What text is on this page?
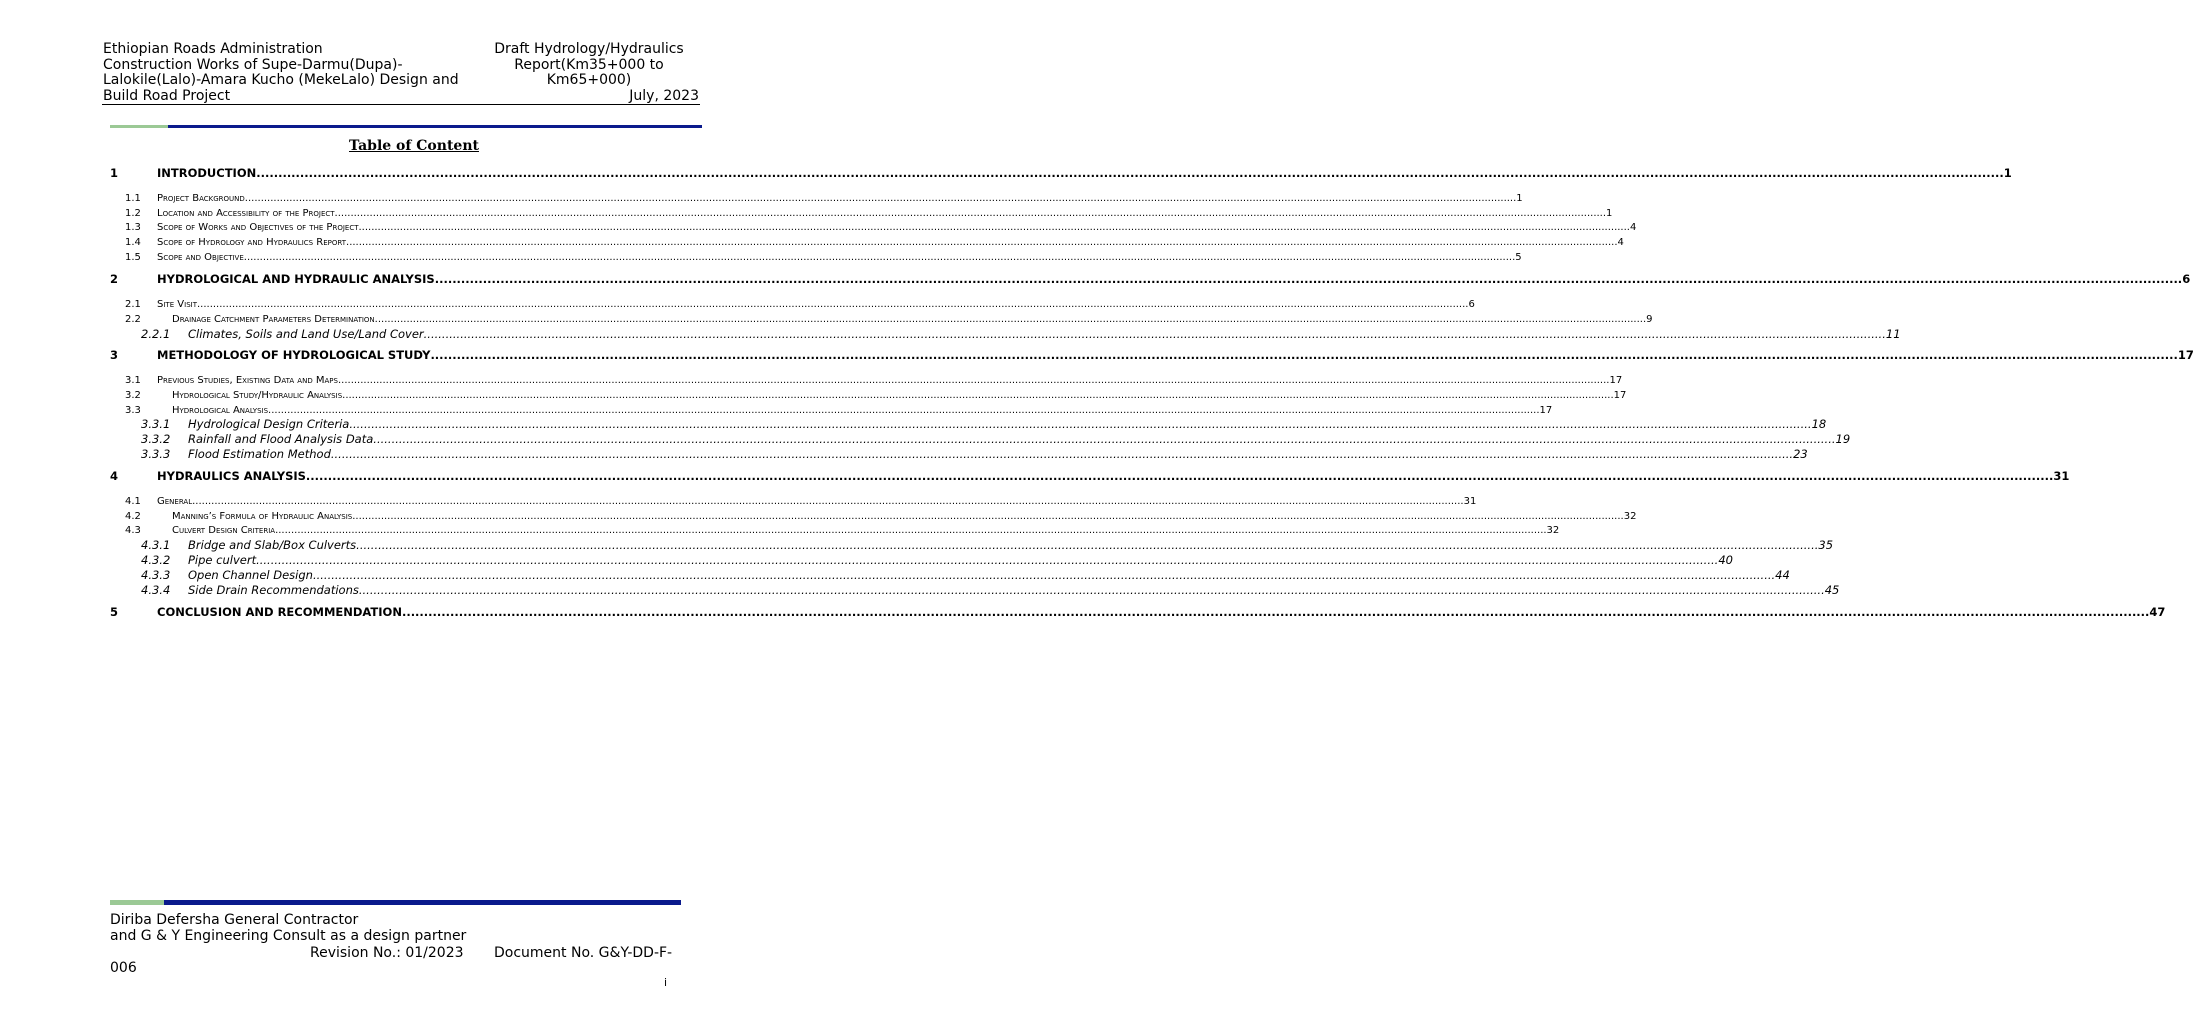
Ethiopian Roads Administration
Construction Works of Supe-Darmu(Dupa)-
Lalokile(Lalo)-Amara Kucho (MekeLalo) Design and
Build Road Project
Draft Hydrology/Hydraulics
Report(Km35+000 to
Km65+000)
July, 2023
Table of Content
1	INTRODUCTION ................................................................................................................................................................................................................................................................................................................................................................................................................ 1
1.1	Project Background ................................................................................................................................................................................................................................................................................................................................................................................................................ 1
1.2	Location and Accessibility of the Project ................................................................................................................................................................................................................................................................................................................................................................................................................ 1
1.3	Scope of Works and Objectives of the Project ................................................................................................................................................................................................................................................................................................................................................................................................................ 4
1.4	Scope of Hydrology and Hydraulics Report ................................................................................................................................................................................................................................................................................................................................................................................................................ 4
1.5	Scope and Objective ................................................................................................................................................................................................................................................................................................................................................................................................................ 5
2	HYDROLOGICAL AND HYDRAULIC ANALYSIS ................................................................................................................................................................................................................................................................................................................................................................................................................ 6
2.1	Site Visit ................................................................................................................................................................................................................................................................................................................................................................................................................ 6
2.2	Drainage Catchment Parameters Determination ................................................................................................................................................................................................................................................................................................................................................................................................................ 9
2.2.1	Climates, Soils and Land Use/Land Cover ................................................................................................................................................................................................................................................................................................................................................................................................................ 11
3	METHODOLOGY OF HYDROLOGICAL STUDY ................................................................................................................................................................................................................................................................................................................................................................................................................ 17
3.1	Previous Studies, Existing Data and Maps ................................................................................................................................................................................................................................................................................................................................................................................................................ 17
3.2	Hydrological Study/Hydraulic Analysis ................................................................................................................................................................................................................................................................................................................................................................................................................ 17
3.3	Hydrological Analysis ................................................................................................................................................................................................................................................................................................................................................................................................................ 17
3.3.1	Hydrological Design Criteria ................................................................................................................................................................................................................................................................................................................................................................................................................ 18
3.3.2	Rainfall and Flood Analysis Data ................................................................................................................................................................................................................................................................................................................................................................................................................ 19
3.3.3	Flood Estimation Method ................................................................................................................................................................................................................................................................................................................................................................................................................ 23
4	HYDRAULICS ANALYSIS ................................................................................................................................................................................................................................................................................................................................................................................................................ 31
4.1	General ................................................................................................................................................................................................................................................................................................................................................................................................................ 31
4.2	Manning’s Formula of Hydraulic Analysis ................................................................................................................................................................................................................................................................................................................................................................................................................ 32
4.3	Culvert Design Criteria ................................................................................................................................................................................................................................................................................................................................................................................................................ 32
4.3.1	Bridge and Slab/Box Culverts ................................................................................................................................................................................................................................................................................................................................................................................................................ 35
4.3.2	Pipe culvert ................................................................................................................................................................................................................................................................................................................................................................................................................ 40
4.3.3	Open Channel Design ................................................................................................................................................................................................................................................................................................................................................................................................................ 44
4.3.4	Side Drain Recommendations. ................................................................................................................................................................................................................................................................................................................................................................................................................ 45
5	CONCLUSION AND RECOMMENDATION ................................................................................................................................................................................................................................................................................................................................................................................................................ 47
Diriba Defersha General Contractor
and G & Y Engineering Consult as a design partner
Revision No.: 01/2023 Document No. G&Y-DD-F-
006
i
